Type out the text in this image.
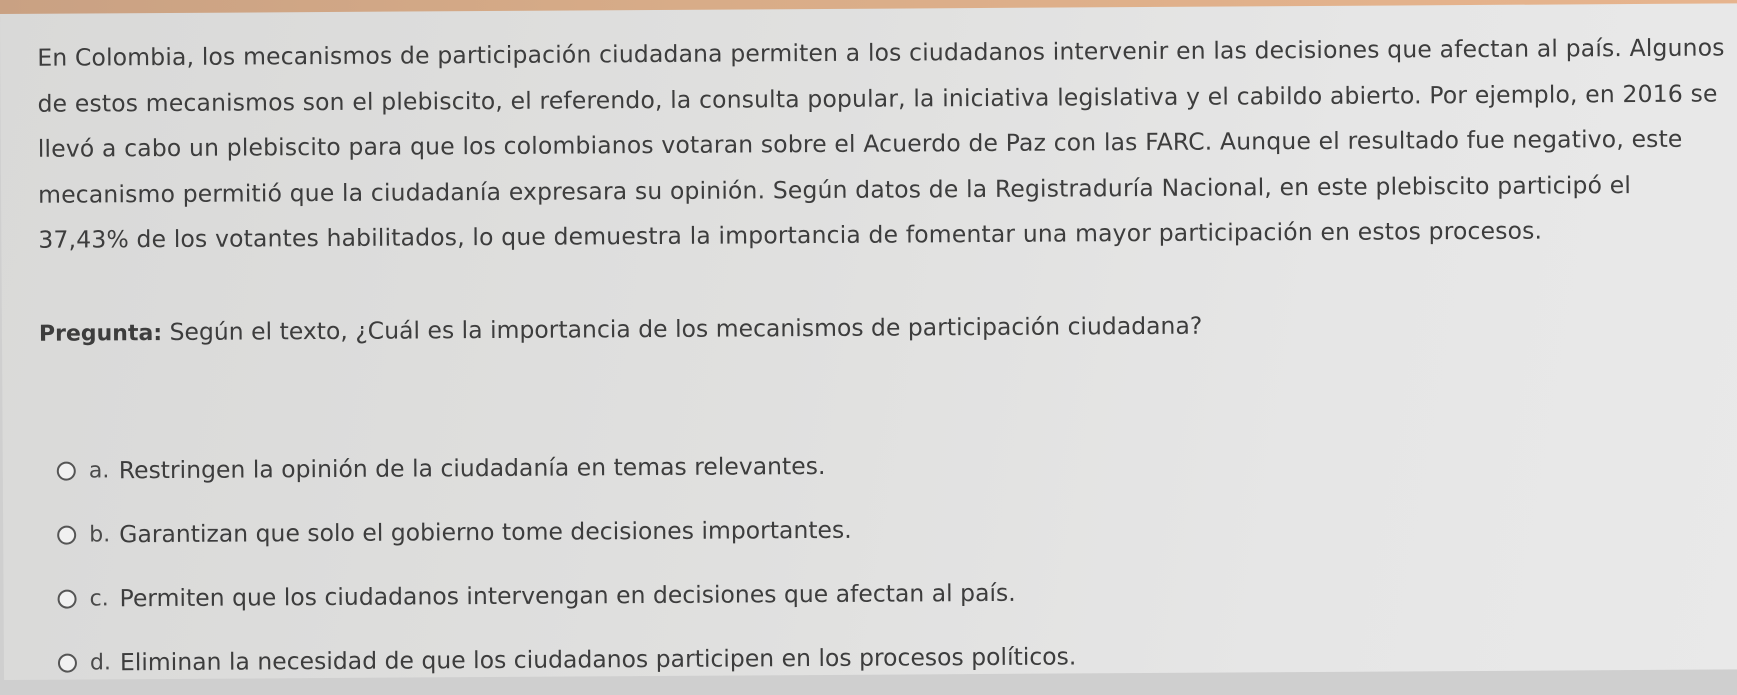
En Colombia, los mecanismos de participación ciudadana permiten a los ciudadanos intervenir en las decisiones que afectan al país. Algunos de estos mecanismos son el plebiscito, el referendo, la consulta popular, la iniciativa legislativa y el cabildo abierto. Por ejemplo, en 2016 se llevó a cabo un plebiscito para que los colombianos votaran sobre el Acuerdo de Paz con las FARC. Aunque el resultado fue negativo, este mecanismo permitió que la ciudadanía expresara su opinión. Según datos de la Registraduría Nacional, en este plebiscito participó el 37,43% de los votantes habilitados, lo que demuestra la importancia de fomentar una mayor participación en estos procesos.

Pregunta: Según el texto, ¿Cuál es la importancia de los mecanismos de participación ciudadana?

a. Restringen la opinión de la ciudadanía en temas relevantes.
b. Garantizan que solo el gobierno tome decisiones importantes.
c. Permiten que los ciudadanos intervengan en decisiones que afectan al país.
d. Eliminan la necesidad de que los ciudadanos participen en los procesos políticos.
